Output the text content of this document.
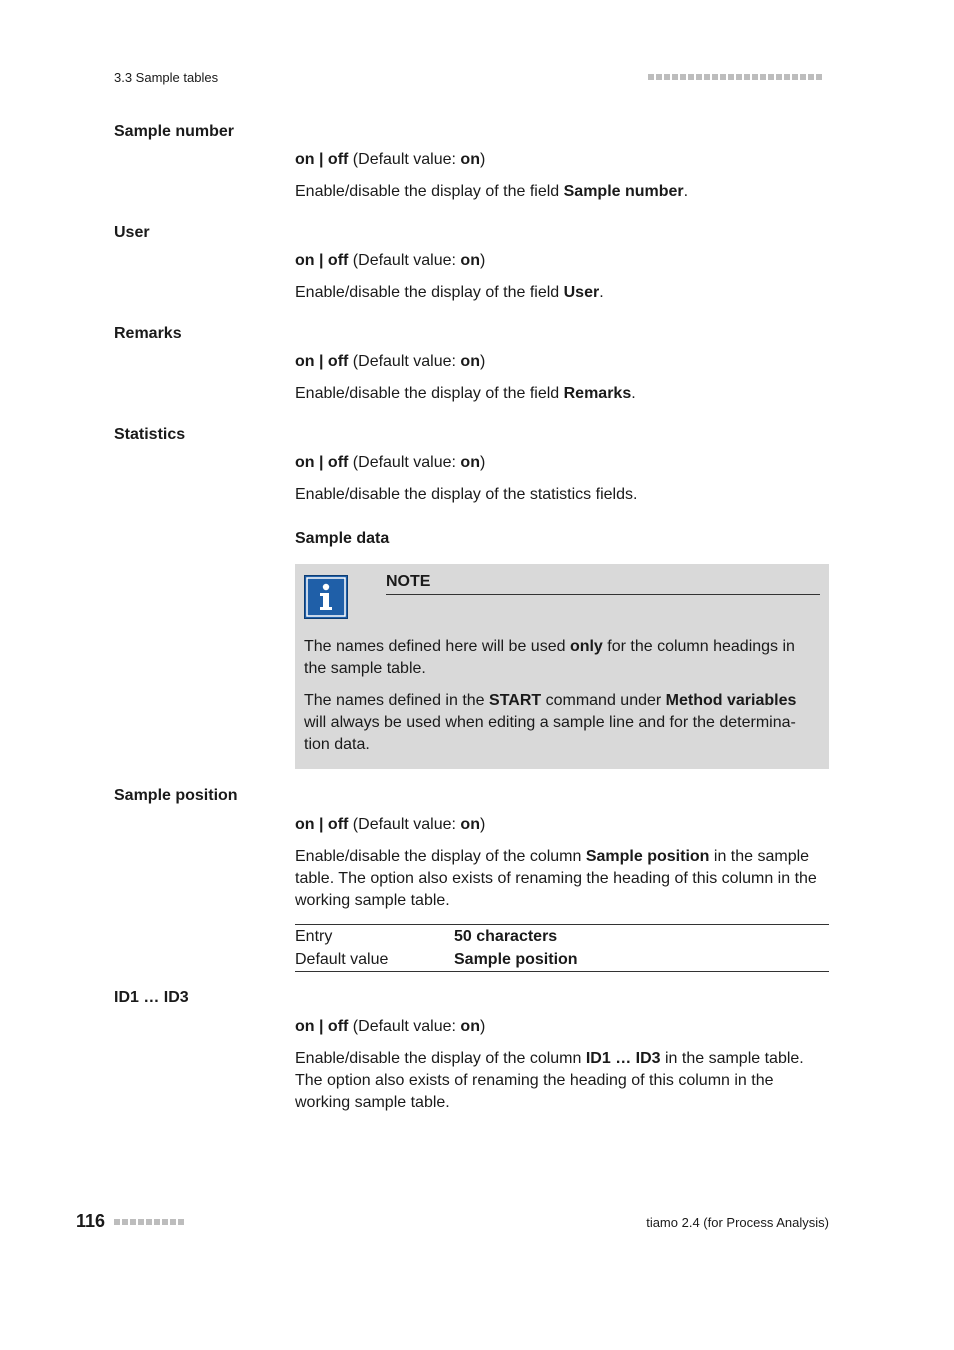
3.3 Sample tables
Sample number
on | off (Default value: on)
Enable/disable the display of the field Sample number.
User
on | off (Default value: on)
Enable/disable the display of the field User.
Remarks
on | off (Default value: on)
Enable/disable the display of the field Remarks.
Statistics
on | off (Default value: on)
Enable/disable the display of the statistics fields.
Sample data
NOTE
The names defined here will be used only for the column headings in
the sample table.
The names defined in the START command under Method variables
will always be used when editing a sample line and for the determina-
tion data.
Sample position
on | off (Default value: on)
Enable/disable the display of the column Sample position in the sample
table. The option also exists of renaming the heading of this column in the
working sample table.
Entry	50 characters
Default value	Sample position
ID1 … ID3
on | off (Default value: on)
Enable/disable the display of the column ID1 … ID3 in the sample table.
The option also exists of renaming the heading of this column in the
working sample table.
116	tiamo 2.4 (for Process Analysis)
